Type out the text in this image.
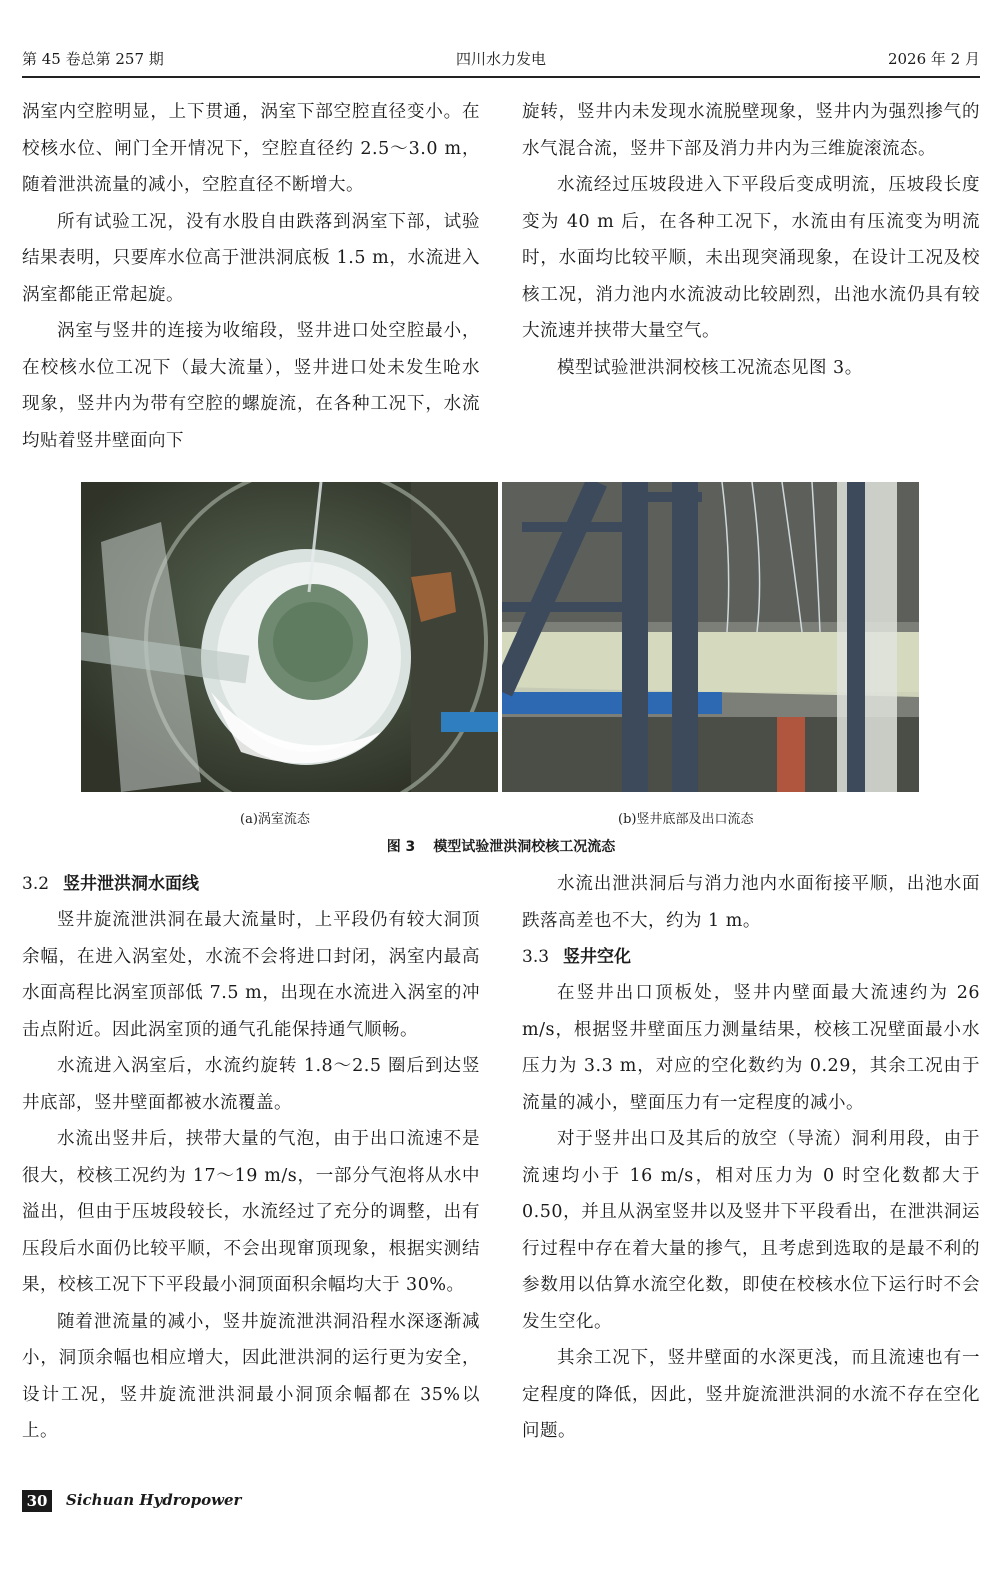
第 45 卷总第 257 期	四川水力发电	2026 年 2 月

涡室内空腔明显，上下贯通，涡室下部空腔直径变小。在校核水位、闸门全开情况下，空腔直径约 2.5～3.0 m，随着泄洪流量的减小，空腔直径不断增大。

所有试验工况，没有水股自由跌落到涡室下部，试验结果表明，只要库水位高于泄洪洞底板 1.5 m，水流进入涡室都能正常起旋。

涡室与竖井的连接为收缩段，竖井进口处空腔最小，在校核水位工况下（最大流量），竖井进口处未发生呛水现象，竖井内为带有空腔的螺旋流，在各种工况下，水流均贴着竖井壁面向下

旋转，竖井内未发现水流脱壁现象，竖井内为强烈掺气的水气混合流，竖井下部及消力井内为三维旋滚流态。

水流经过压坡段进入下平段后变成明流，压坡段长度变为 40 m 后，在各种工况下，水流由有压流变为明流时，水面均比较平顺，未出现突涌现象，在设计工况及校核工况，消力池内水流波动比较剧烈，出池水流仍具有较大流速并挟带大量空气。

模型试验泄洪洞校核工况流态见图 3。

(a)涡室流态	(b)竖井底部及出口流态
图 3 模型试验泄洪洞校核工况流态
3.2 竖井泄洪洞水面线

竖井旋流泄洪洞在最大流量时，上平段仍有较大洞顶余幅，在进入涡室处，水流不会将进口封闭，涡室内最高水面高程比涡室顶部低 7.5 m，出现在水流进入涡室的冲击点附近。因此涡室顶的通气孔能保持通气顺畅。

水流进入涡室后，水流约旋转 1.8～2.5 圈后到达竖井底部，竖井壁面都被水流覆盖。

水流出竖井后，挟带大量的气泡，由于出口流速不是很大，校核工况约为 17～19 m/s，一部分气泡将从水中溢出，但由于压坡段较长，水流经过了充分的调整，出有压段后水面仍比较平顺，不会出现窜顶现象，根据实测结果，校核工况下下平段最小洞顶面积余幅均大于 30%。

随着泄流量的减小，竖井旋流泄洪洞沿程水深逐渐减小，洞顶余幅也相应增大，因此泄洪洞的运行更为安全，设计工况，竖井旋流泄洪洞最小洞顶余幅都在 35%以上。

水流出泄洪洞后与消力池内水面衔接平顺，出池水面跌落高差也不大，约为 1 m。

3.3 竖井空化

在竖井出口顶板处，竖井内壁面最大流速约为 26 m/s，根据竖井壁面压力测量结果，校核工况壁面最小水压力为 3.3 m，对应的空化数约为 0.29，其余工况由于流量的减小，壁面压力有一定程度的减小。

对于竖井出口及其后的放空（导流）洞利用段，由于流速均小于 16 m/s，相对压力为 0 时空化数都大于 0.50，并且从涡室竖井以及竖井下平段看出，在泄洪洞运行过程中存在着大量的掺气，且考虑到选取的是最不利的参数用以估算水流空化数，即使在校核水位下运行时不会发生空化。

其余工况下，竖井壁面的水深更浅，而且流速也有一定程度的降低，因此，竖井旋流泄洪洞的水流不存在空化问题。

30	Sichuan Hydropower
